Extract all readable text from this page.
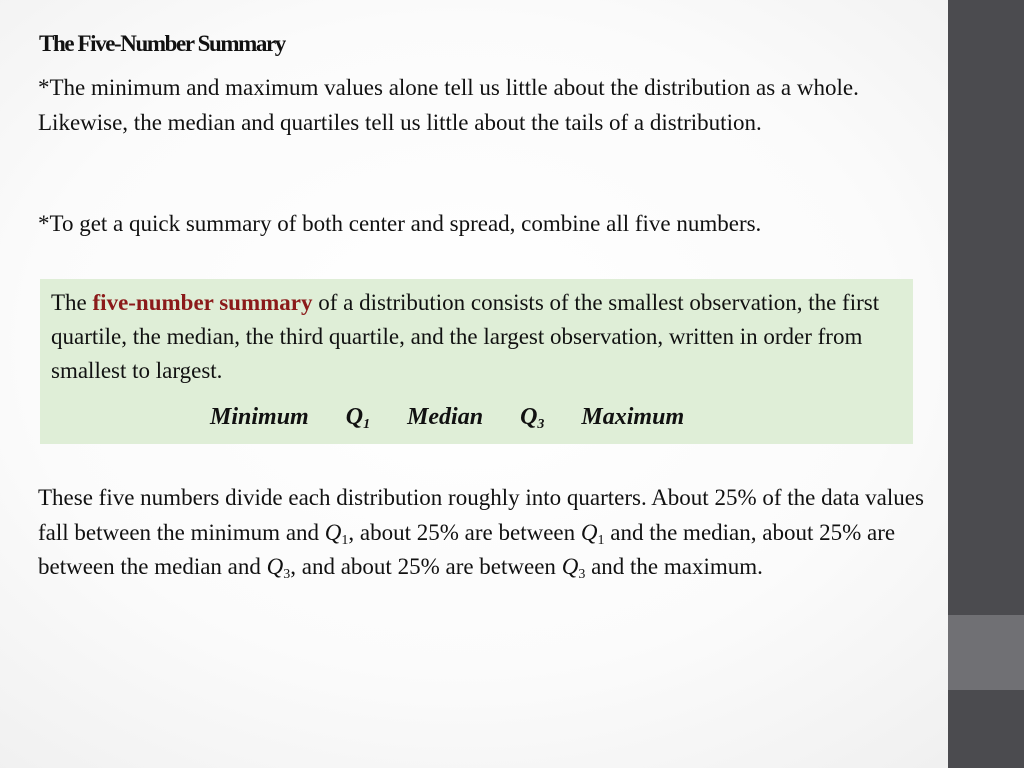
The Five-Number Summary

*The minimum and maximum values alone tell us little about the distribution as a whole. Likewise, the median and quartiles tell us little about the tails of a distribution.

*To get a quick summary of both center and spread, combine all five numbers.

The five-number summary of a distribution consists of the smallest observation, the first quartile, the median, the third quartile, and the largest observation, written in order from smallest to largest.

Minimum $Q_1$ Median $Q_3$ Maximum

These five numbers divide each distribution roughly into quarters. About 25% of the data values fall between the minimum and $Q_1$, about 25% are between $Q_1$ and the median, about 25% are between the median and $Q_3$, and about 25% are between $Q_3$ and the maximum.
